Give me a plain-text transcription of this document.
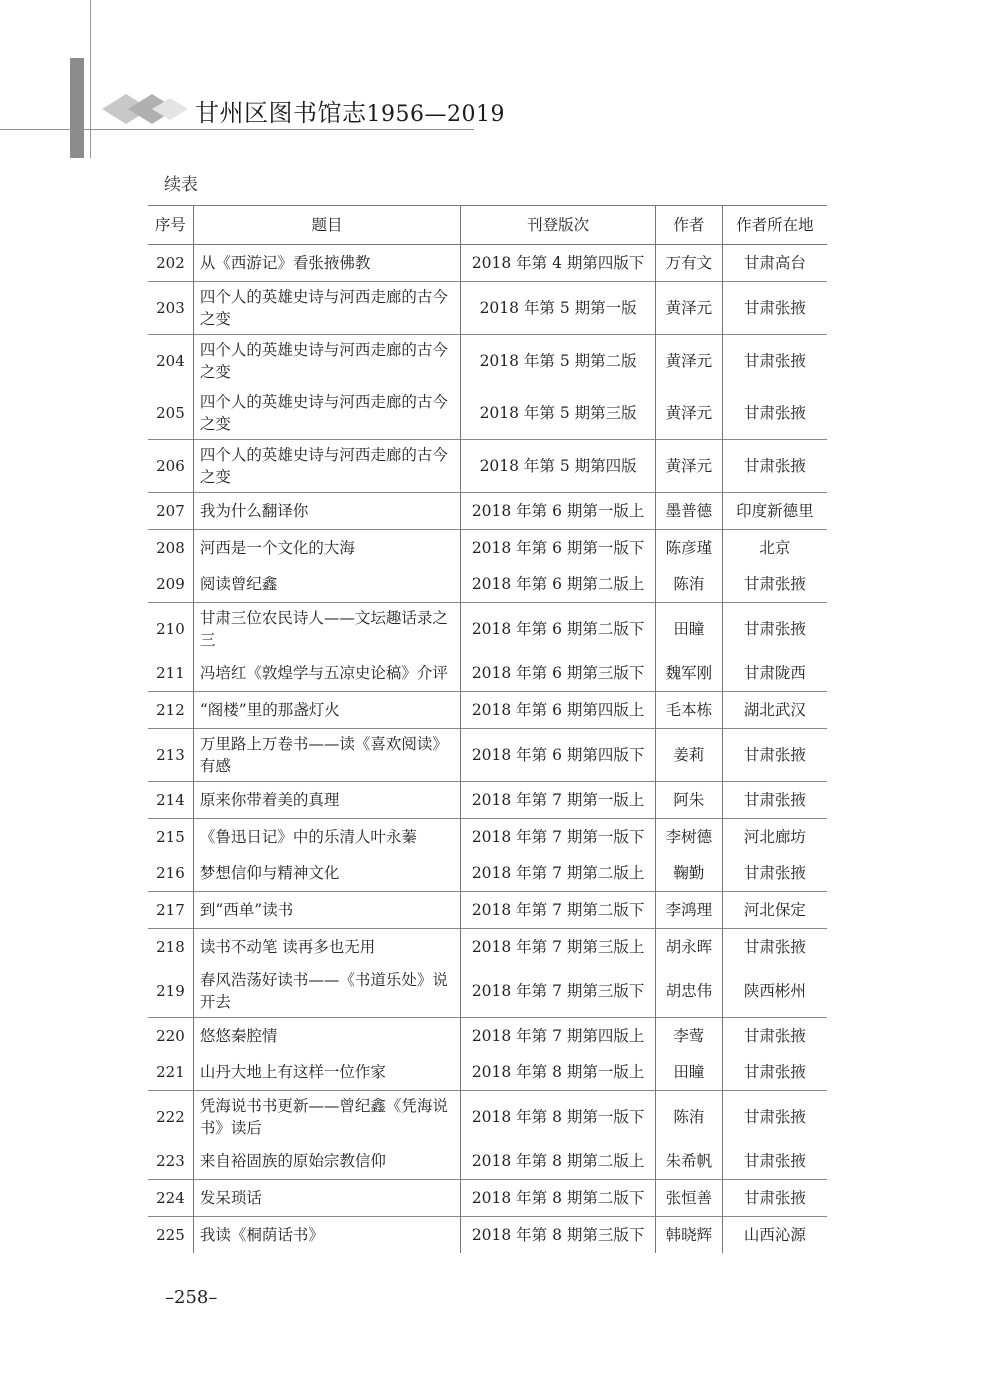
甘州区图书馆志1956—2019
续表
序号	题目	刊登版次	作者	作者所在地
202	从《西游记》看张掖佛教	2018 年第 4 期第四版下	万有文	甘肃高台
203	四个人的英雄史诗与河西走廊的古今之变	2018 年第 5 期第一版	黄泽元	甘肃张掖
204	四个人的英雄史诗与河西走廊的古今之变	2018 年第 5 期第二版	黄泽元	甘肃张掖
205	四个人的英雄史诗与河西走廊的古今之变	2018 年第 5 期第三版	黄泽元	甘肃张掖
206	四个人的英雄史诗与河西走廊的古今之变	2018 年第 5 期第四版	黄泽元	甘肃张掖
207	我为什么翻译你	2018 年第 6 期第一版上	墨普德	印度新德里
208	河西是一个文化的大海	2018 年第 6 期第一版下	陈彦瑾	北京
209	阅读曾纪鑫	2018 年第 6 期第二版上	陈洧	甘肃张掖
210	甘肃三位农民诗人——文坛趣话录之三	2018 年第 6 期第二版下	田瞳	甘肃张掖
211	冯培红《敦煌学与五凉史论稿》介评	2018 年第 6 期第三版下	魏军刚	甘肃陇西
212	“阁楼”里的那盏灯火	2018 年第 6 期第四版上	毛本栋	湖北武汉
213	万里路上万卷书——读《喜欢阅读》有感	2018 年第 6 期第四版下	姜莉	甘肃张掖
214	原来你带着美的真理	2018 年第 7 期第一版上	阿朱	甘肃张掖
215	《鲁迅日记》中的乐清人叶永蓁	2018 年第 7 期第一版下	李树德	河北廊坊
216	梦想信仰与精神文化	2018 年第 7 期第二版上	鞠勤	甘肃张掖
217	到“西单”读书	2018 年第 7 期第二版下	李鸿理	河北保定
218	读书不动笔 读再多也无用	2018 年第 7 期第三版上	胡永晖	甘肃张掖
219	春风浩荡好读书——《书道乐处》说开去	2018 年第 7 期第三版下	胡忠伟	陕西彬州
220	悠悠秦腔情	2018 年第 7 期第四版上	李莺	甘肃张掖
221	山丹大地上有这样一位作家	2018 年第 8 期第一版上	田瞳	甘肃张掖
222	凭海说书书更新——曾纪鑫《凭海说书》读后	2018 年第 8 期第一版下	陈洧	甘肃张掖
223	来自裕固族的原始宗教信仰	2018 年第 8 期第二版上	朱希帆	甘肃张掖
224	发呆琐话	2018 年第 8 期第二版下	张恒善	甘肃张掖
225	我读《桐荫话书》	2018 年第 8 期第三版下	韩晓辉	山西沁源
–258–
